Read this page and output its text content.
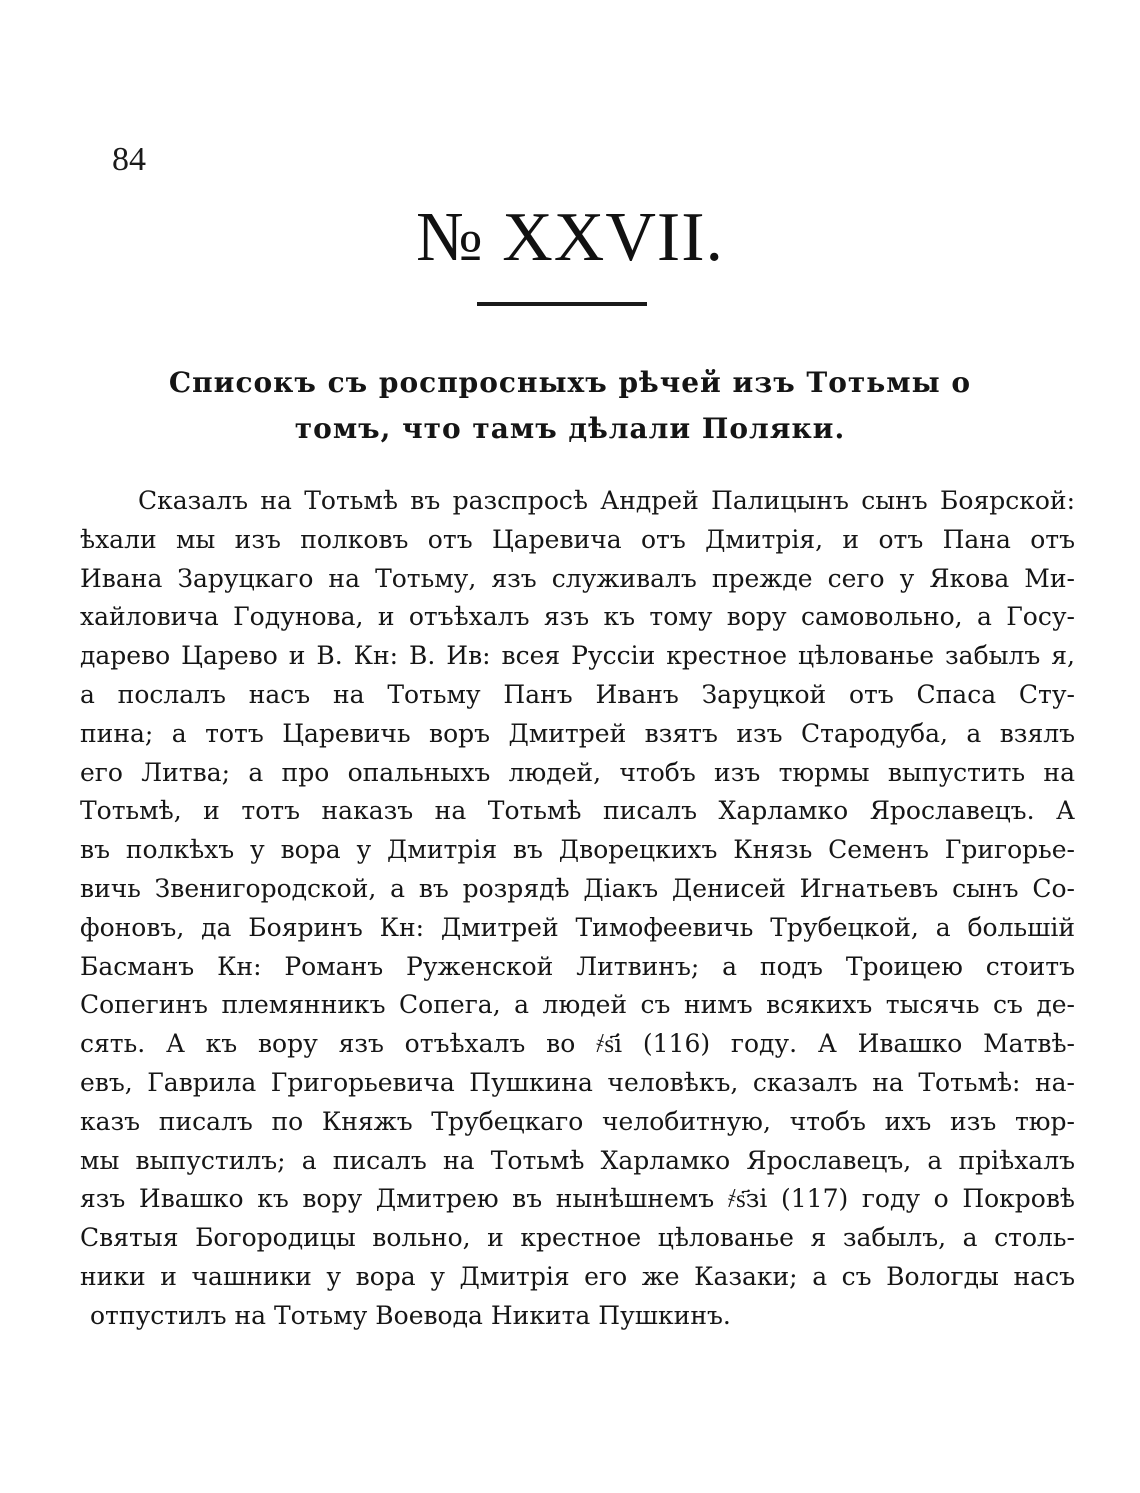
84
№ XXVII.
Списокъ съ роспросныхъ рѣчей изъ Тотьмы о
томъ, что тамъ дѣлали Поляки.
Сказалъ на Тотьмѣ въ разспросѣ Андрей Палицынъ сынъ Боярской:
ѣхали мы изъ полковъ отъ Царевича отъ Дмитрія, и отъ Пана отъ
Ивана Заруцкаго на Тотьму, язъ служивалъ прежде сего у Якова Ми-
хайловича Годунова, и отъѣхалъ язъ къ тому вору самовольно, а Госу-
дарево Царево и В. Кн: В. Ив: всея Руссіи крестное цѣлованье забылъ я,
а послалъ насъ на Тотьму Панъ Иванъ Заруцкой отъ Спаса Сту-
пина; а тотъ Царевичь воръ Дмитрей взятъ изъ Стародуба, а взялъ
его Литва; а про опальныхъ людей, чтобъ изъ тюрмы выпустить на
Тотьмѣ, и тотъ наказъ на Тотьмѣ писалъ Харламко Ярославецъ. А
въ полкѣхъ у вора у Дмитрія въ Дворецкихъ Князь Семенъ Григорье-
вичь Звенигородской, а въ розрядѣ Діакъ Денисей Игнатьевъ сынъ Со-
фоновъ, да Бояринъ Кн: Дмитрей Тимофеевичь Трубецкой, а большій
Басманъ Кн: Романъ Руженской Литвинъ; а подъ Троицею стоитъ
Сопегинъ племянникъ Сопега, а людей съ нимъ всякихъ тысячь съ де-
сять. А къ вору язъ отъѣхалъ во ҂ѕ҃і (116) году. А Ивашко Матвѣ-
евъ, Гаврила Григорьевича Пушкина человѣкъ, сказалъ на Тотьмѣ: на-
казъ писалъ по Княжъ Трубецкаго челобитную, чтобъ ихъ изъ тюр-
мы выпустилъ; а писалъ на Тотьмѣ Харламко Ярославецъ, а пріѣхалъ
язъ Ивашко къ вору Дмитрею въ нынѣшнемъ ҂ѕ҃зі (117) году о Покровѣ
Святыя Богородицы вольно, и крестное цѣлованье я забылъ, а столь-
ники и чашники у вора у Дмитрія его же Казаки; а съ Вологды насъ
отпустилъ на Тотьму Воевода Никита Пушкинъ.
